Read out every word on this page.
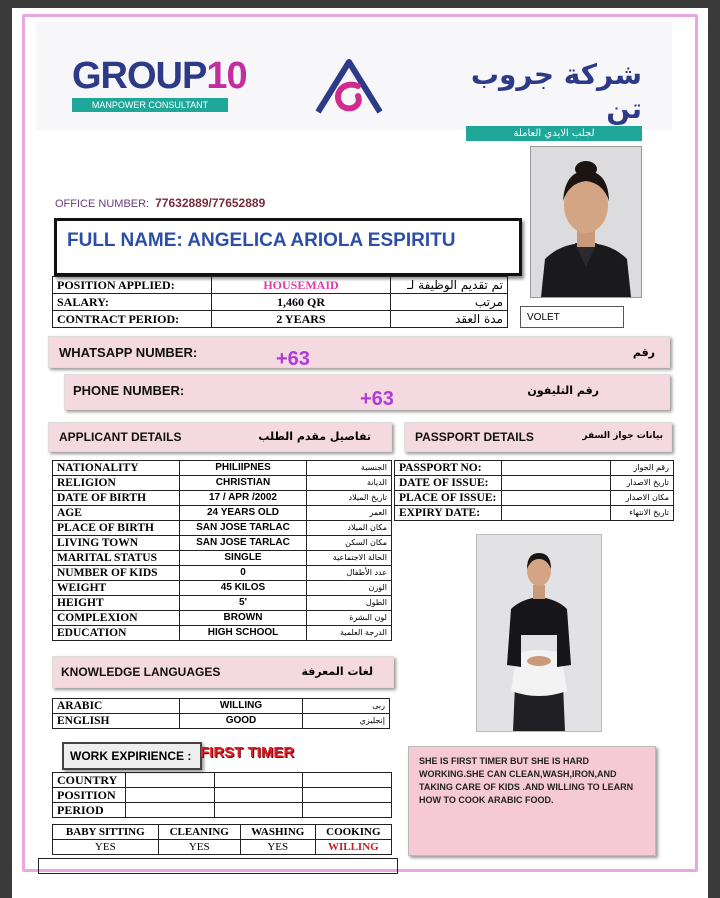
GROUP10
MANPOWER CONSULTANT
شركة جروب تن
لجلب الايدي العاملة
OFFICE NUMBER: 77632889/77652889
FULL NAME: ANGELICA ARIOLA ESPIRITU
POSITION APPLIED:	HOUSEMAID	تم تقديم الوظيفة لـ
SALARY:	1,460 QR	مرتب
CONTRACT PERIOD:	2 YEARS	مدة العقد	VOLET
WHATSAPP NUMBER:	رقم
+63
PHONE NUMBER:	رقم التليفون
+63
APPLICANT DETAILS	تفاصيل مقدم الطلب	PASSPORT DETAILS	بيانات جواز السفر
NATIONALITY	PHILIIPNES	الجنسية
RELIGION	CHRISTIAN	الديانة
DATE OF BIRTH	17 / APR /2002	تاريخ الميلاد
AGE	24 YEARS OLD	العمر
PLACE OF BIRTH	SAN JOSE TARLAC	مكان الميلاد
LIVING TOWN	SAN JOSE TARLAC	مكان السكن
MARITAL STATUS	SINGLE	الحالة الاجتماعية
NUMBER OF KIDS	0	عدد الأطفال
WEIGHT	45 KILOS	الوزن
HEIGHT	5'	الطول
COMPLEXION	BROWN	لون البشرة
EDUCATION	HIGH SCHOOL	الدرجة العلمية
PASSPORT NO:		رقم الجواز
DATE OF ISSUE:		تاريخ الاصدار
PLACE OF ISSUE:		مكان الاصدار
EXPIRY DATE:		تاريخ الانتهاء
KNOWLEDGE LANGUAGES	لغات المعرفة
ARABIC	WILLING	ربى
ENGLISH	GOOD	إنجليزي
WORK EXPIRIENCE : FIRST TIMER
COUNTRY			
POSITION			
PERIOD			
BABY SITTING	CLEANING	WASHING	COOKING
YES	YES	YES	WILLING
SHE IS FIRST TIMER BUT SHE IS HARD WORKING.SHE CAN CLEAN,WASH,IRON,AND TAKING CARE OF KIDS .AND WILLING TO LEARN HOW TO COOK ARABIC FOOD.
